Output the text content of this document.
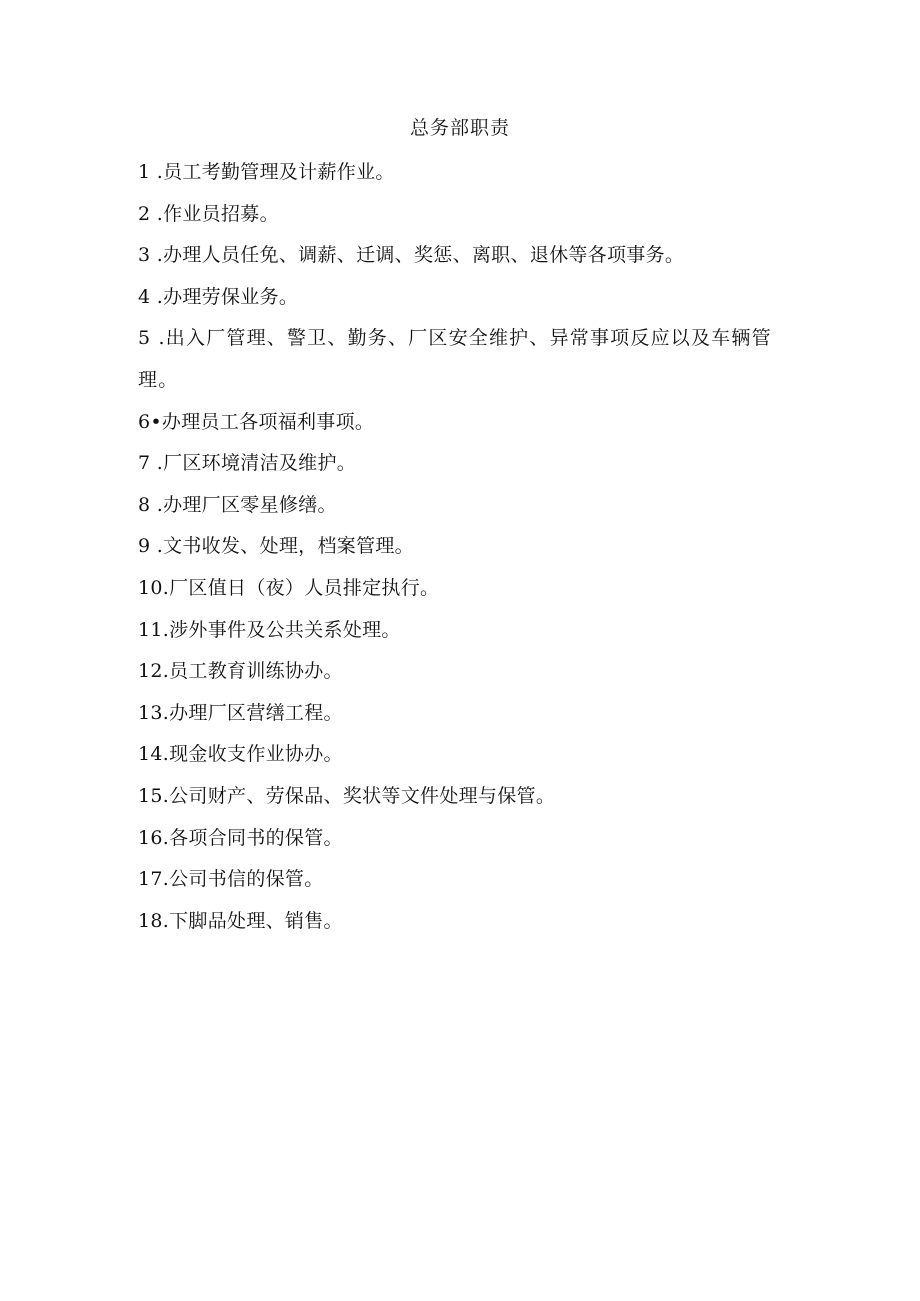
总务部职责
1 .员工考勤管理及计薪作业。
2 .作业员招募。
3 .办理人员任免、调薪、迁调、奖惩、离职、退休等各项事务。
4 .办理劳保业务。
5 .出入厂管理、警卫、勤务、厂区安全维护、异常事项反应以及车辆管理。
6•办理员工各项福利事项。
7 .厂区环境清洁及维护。
8 .办理厂区零星修缮。
9 .文书收发、处理，档案管理。
10.厂区值日（夜）人员排定执行。
11.涉外事件及公共关系处理。
12.员工教育训练协办。
13.办理厂区营缮工程。
14.现金收支作业协办。
15.公司财产、劳保品、奖状等文件处理与保管。
16.各项合同书的保管。
17.公司书信的保管。
18.下脚品处理、销售。
